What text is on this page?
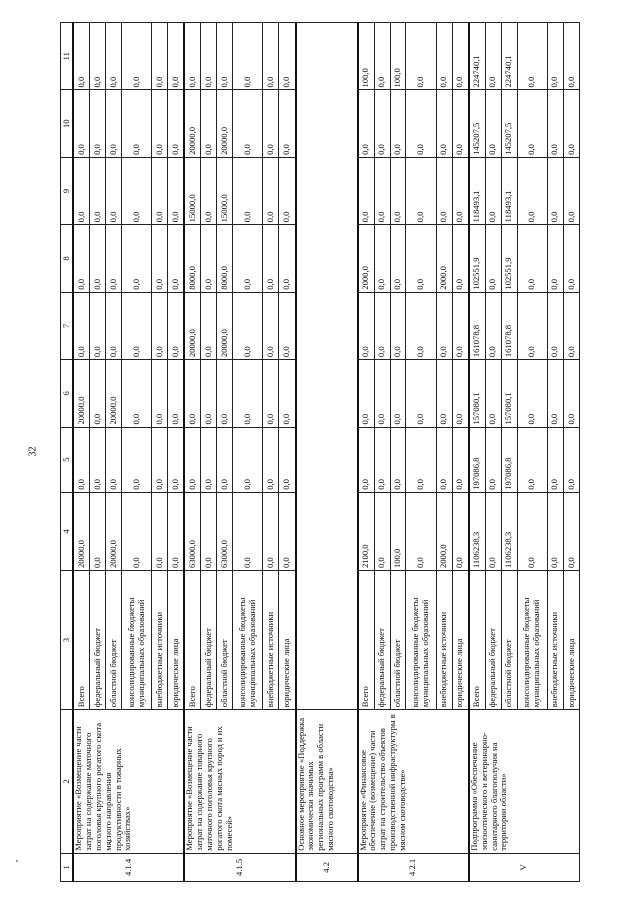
32
1	2	3	4	5	6	7	8	9	10	11
4.1.4	Мероприятие «Возмещение части затрат на содержание маточного поголовья крупного рогатого скота мясного направления продуктивности в товарных хозяйствах»	Всего	20000,0	0,0	20000,0	0,0	0,0	0,0	0,0	0,0
		федеральный бюджет	0,0	0,0	0,0	0,0	0,0	0,0	0,0	0,0
		областной бюджет	20000,0	0,0	20000,0	0,0	0,0	0,0	0,0	0,0
		консолидированные бюджеты муниципальных образований	0,0	0,0	0,0	0,0	0,0	0,0	0,0	0,0
		внебюджетные источники	0,0	0,0	0,0	0,0	0,0	0,0	0,0	0,0
		юридические лица	0,0	0,0	0,0	0,0	0,0	0,0	0,0	0,0
4.1.5	Мероприятие «Возмещение части затрат на содержание товарного маточного поголовья крупного рогатого скота мясных пород и их помесей»	Всего	63000,0	0,0	0,0	20000,0	8000,0	15000,0	20000,0	0,0
		федеральный бюджет	0,0	0,0	0,0	0,0	0,0	0,0	0,0	0,0
		областной бюджет	63000,0	0,0	0,0	20000,0	8000,0	15000,0	20000,0	0,0
		консолидированные бюджеты муниципальных образований	0,0	0,0	0,0	0,0	0,0	0,0	0,0	0,0
		внебюджетные источники	0,0	0,0	0,0	0,0	0,0	0,0	0,0	0,0
		юридические лица	0,0	0,0	0,0	0,0	0,0	0,0	0,0	0,0
4.2	Основное мероприятие «Поддержка экономически значимых региональных программ в области мясного скотоводства»									
4.2.1	Мероприятие «Финансовое обеспечение (возмещение) части затрат на строительство объектов производственной инфраструктуры в мясном скотоводстве»	Всего	2100,0	0,0	0,0	0,0	2000,0	0,0	0,0	100,0
		федеральный бюджет	0,0	0,0	0,0	0,0	0,0	0,0	0,0	0,0
		областной бюджет	100,0	0,0	0,0	0,0	0,0	0,0	0,0	100,0
		консолидированные бюджеты муниципальных образований	0,0	0,0	0,0	0,0	0,0	0,0	0,0	0,0
		внебюджетные источники	2000,0	0,0	0,0	0,0	2000,0	0,0	0,0	0,0
		юридические лица	0,0	0,0	0,0	0,0	0,0	0,0	0,0	0,0
V	Подпрограмма «Обеспечение эпизоотического и ветеринарно-санитарного благополучия на территории области»	Всего	1106238,3	197086,8	157080,1	161078,8	102551,9	118493,1	145207,5	224740,1
		федеральный бюджет	0,0	0,0	0,0	0,0	0,0	0,0	0,0	0,0
		областной бюджет	1106238,3	197086,8	157080,1	161078,8	102551,9	118493,1	145207,5	224740,1
		консолидированные бюджеты муниципальных образований	0,0	0,0	0,0	0,0	0,0	0,0	0,0	0,0
		внебюджетные источники	0,0	0,0	0,0	0,0	0,0	0,0	0,0	0,0
		юридические лица	0,0	0,0	0,0	0,0	0,0	0,0	0,0	0,0
